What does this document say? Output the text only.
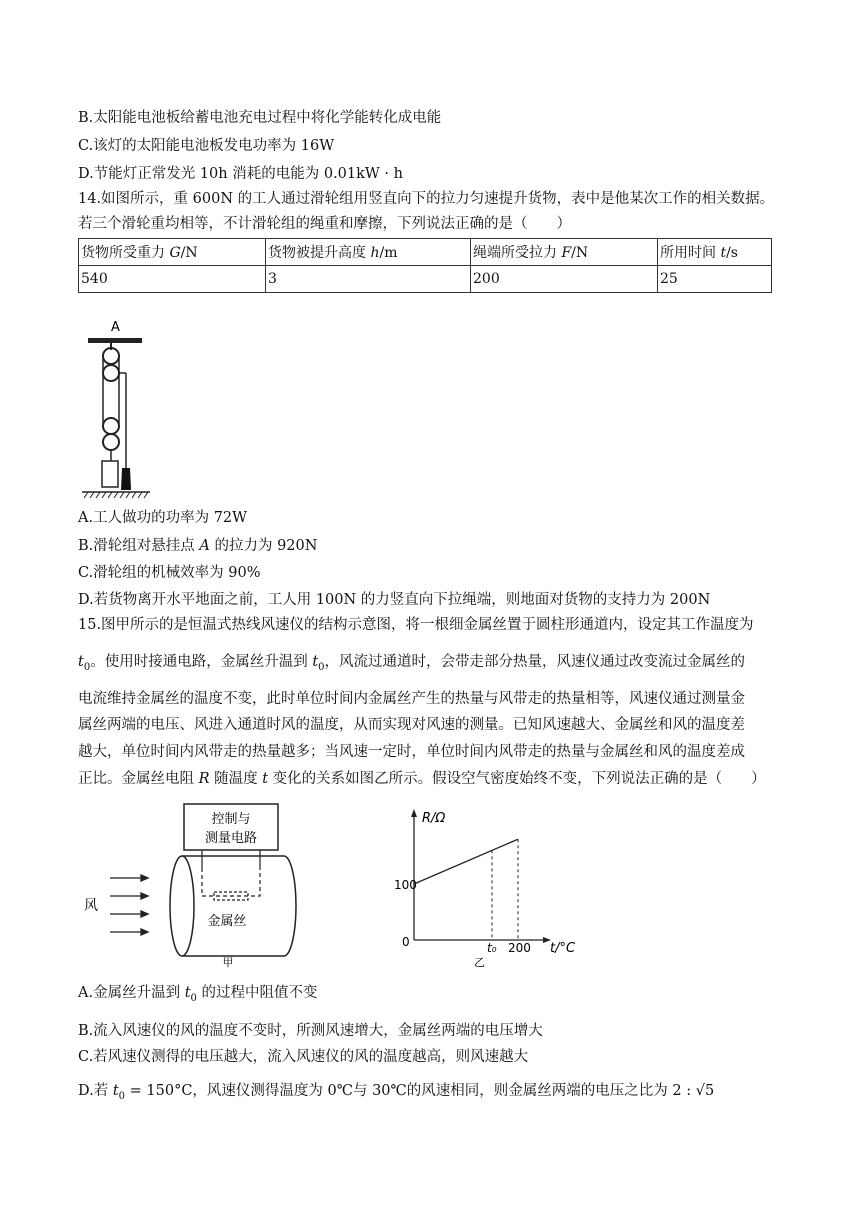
B.太阳能电池板给蓄电池充电过程中将化学能转化成电能
C.该灯的太阳能电池板发电功率为 16W
D.节能灯正常发光 10h 消耗的电能为 0.01kW · h
14.如图所示，重 600N 的工人通过滑轮组用竖直向下的拉力匀速提升货物，表中是他某次工作的相关数据。
若三个滑轮重均相等，不计滑轮组的绳重和摩擦，下列说法正确的是（　　）
货物所受重力 G/N	货物被提升高度 h/m	绳端所受拉力 F/N	所用时间 t/s
540	3	200	25
A
A.工人做功的功率为 72W
B.滑轮组对悬挂点 A 的拉力为 920N
C.滑轮组的机械效率为 90%
D.若货物离开水平地面之前，工人用 100N 的力竖直向下拉绳端，则地面对货物的支持力为 200N
15.图甲所示的是恒温式热线风速仪的结构示意图，将一根细金属丝置于圆柱形通道内，设定其工作温度为
$t_0$。使用时接通电路，金属丝升温到 $t_0$，风流过通道时，会带走部分热量，风速仪通过改变流过金属丝的
电流维持金属丝的温度不变，此时单位时间内金属丝产生的热量与风带走的热量相等，风速仪通过测量金
属丝两端的电压、风进入通道时风的温度，从而实现对风速的测量。已知风速越大、金属丝和风的温度差
越大，单位时间内风带走的热量越多；当风速一定时，单位时间内风带走的热量与金属丝和风的温度差成
正比。金属丝电阻 R 随温度 t 变化的关系如图乙所示。假设空气密度始终不变，下列说法正确的是（　　）
控制与
测量电路
金属丝
风
甲
R/Ω
t/°C
100
0	t₀ 200
乙
A.金属丝升温到 $t_0$ 的过程中阻值不变
B.流入风速仪的风的温度不变时，所测风速增大，金属丝两端的电压增大
C.若风速仪测得的电压越大，流入风速仪的风的温度越高，则风速越大
D.若 $t_0 = 150^\circ C$，风速仪测得温度为 0℃与 30℃的风速相同，则金属丝两端的电压之比为 2 : √5
